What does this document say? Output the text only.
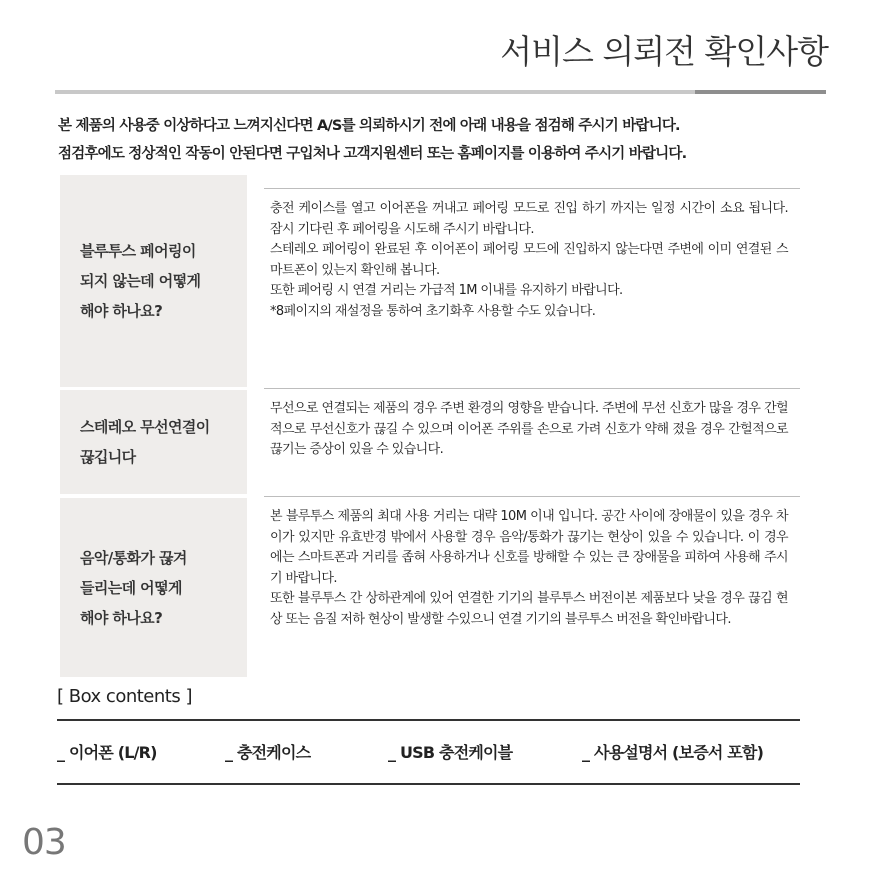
서비스 의뢰전 확인사항

본 제품의 사용중 이상하다고 느껴지신다면 A/S를 의뢰하시기 전에 아래 내용을 점검해 주시기 바랍니다.

점검후에도 정상적인 작동이 안된다면 구입처나 고객지원센터 또는 홈페이지를 이용하여 주시기 바랍니다.

블루투스 페어링이
되지 않는데 어떻게
해야 하나요?
충전 케이스를 열고 이어폰을 꺼내고 페어링 모드로 진입 하기 까지는 일정 시간이 소요 됩니다. 잠시 기다린 후 페어링을 시도해 주시기 바랍니다.
스테레오 페어링이 완료된 후 이어폰이 페어링 모드에 진입하지 않는다면 주변에 이미 연결된 스마트폰이 있는지 확인해 봅니다.
또한 페어링 시 연결 거리는 가급적 1M 이내를 유지하기 바랍니다.
*8페이지의 재설정을 통하여 초기화후 사용할 수도 있습니다.
스테레오 무선연결이
끊깁니다
무선으로 연결되는 제품의 경우 주변 환경의 영향을 받습니다. 주변에 무선 신호가 많을 경우 간헐적으로 무선신호가 끊길 수 있으며 이어폰 주위를 손으로 가려 신호가 약해 졌을 경우 간헐적으로 끊기는 증상이 있을 수 있습니다.
음악/통화가 끊겨
들리는데 어떻게
해야 하나요?
본 블루투스 제품의 최대 사용 거리는 대략 10M 이내 입니다. 공간 사이에 장애물이 있을 경우 차이가 있지만 유효반경 밖에서 사용할 경우 음악/통화가 끊기는 현상이 있을 수 있습니다. 이 경우에는 스마트폰과 거리를 좁혀 사용하거나 신호를 방해할 수 있는 큰 장애물을 피하여 사용해 주시기 바랍니다.
또한 블루투스 간 상하관계에 있어 연결한 기기의 블루투스 버전이본 제품보다 낮을 경우 끊김 현상 또는 음질 저하 현상이 발생할 수있으니 연결 기기의 블루투스 버전을 확인바랍니다.
[ Box contents ]
_ 이어폰 (L/R)	_ 충전케이스	_ USB 충전케이블	_ 사용설명서 (보증서 포함)
03
